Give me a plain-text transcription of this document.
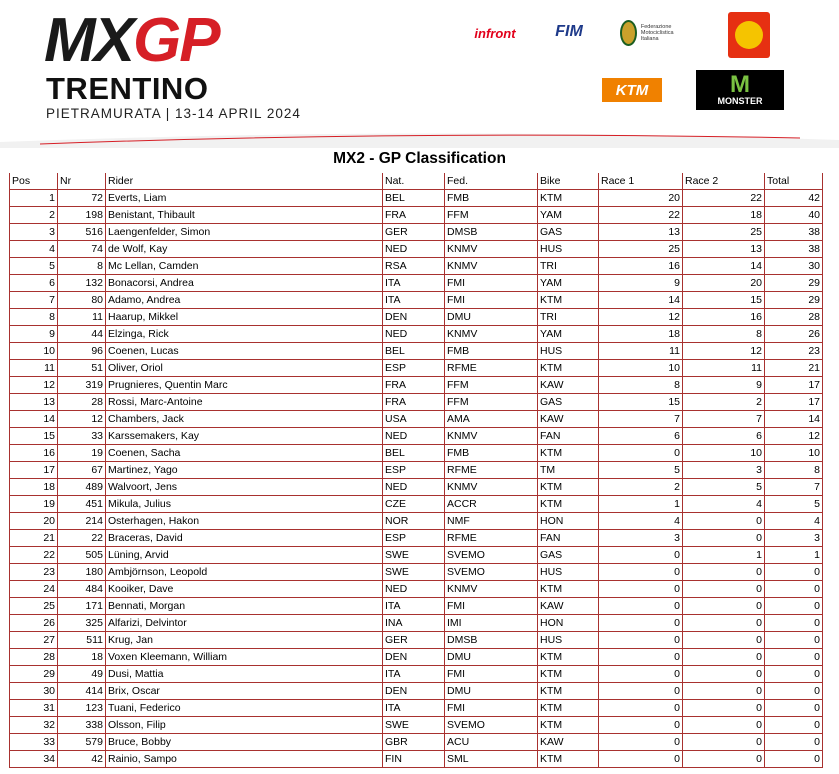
MXGP
TRENTINO
PIETRAMURATA | 13-14 APRIL 2024
infront	FIM	Federazione Motociclistica Italiana
KTM	M
MONSTER
MX2 - GP Classification
Pos	Nr	Rider	Nat.	Fed.	Bike	Race 1	Race 2	Total
1	72	Everts, Liam	BEL	FMB	KTM	20	22	42
2	198	Benistant, Thibault	FRA	FFM	YAM	22	18	40
3	516	Laengenfelder, Simon	GER	DMSB	GAS	13	25	38
4	74	de Wolf, Kay	NED	KNMV	HUS	25	13	38
5	8	Mc Lellan, Camden	RSA	KNMV	TRI	16	14	30
6	132	Bonacorsi, Andrea	ITA	FMI	YAM	9	20	29
7	80	Adamo, Andrea	ITA	FMI	KTM	14	15	29
8	11	Haarup, Mikkel	DEN	DMU	TRI	12	16	28
9	44	Elzinga, Rick	NED	KNMV	YAM	18	8	26
10	96	Coenen, Lucas	BEL	FMB	HUS	11	12	23
11	51	Oliver, Oriol	ESP	RFME	KTM	10	11	21
12	319	Prugnieres, Quentin Marc	FRA	FFM	KAW	8	9	17
13	28	Rossi, Marc-Antoine	FRA	FFM	GAS	15	2	17
14	12	Chambers, Jack	USA	AMA	KAW	7	7	14
15	33	Karssemakers, Kay	NED	KNMV	FAN	6	6	12
16	19	Coenen, Sacha	BEL	FMB	KTM	0	10	10
17	67	Martinez, Yago	ESP	RFME	TM	5	3	8
18	489	Walvoort, Jens	NED	KNMV	KTM	2	5	7
19	451	Mikula, Julius	CZE	ACCR	KTM	1	4	5
20	214	Osterhagen, Hakon	NOR	NMF	HON	4	0	4
21	22	Braceras, David	ESP	RFME	FAN	3	0	3
22	505	Lüning, Arvid	SWE	SVEMO	GAS	0	1	1
23	180	Ambjörnson, Leopold	SWE	SVEMO	HUS	0	0	0
24	484	Kooiker, Dave	NED	KNMV	KTM	0	0	0
25	171	Bennati, Morgan	ITA	FMI	KAW	0	0	0
26	325	Alfarizi, Delvintor	INA	IMI	HON	0	0	0
27	511	Krug, Jan	GER	DMSB	HUS	0	0	0
28	18	Voxen Kleemann, William	DEN	DMU	KTM	0	0	0
29	49	Dusi, Mattia	ITA	FMI	KTM	0	0	0
30	414	Brix, Oscar	DEN	DMU	KTM	0	0	0
31	123	Tuani, Federico	ITA	FMI	KTM	0	0	0
32	338	Olsson, Filip	SWE	SVEMO	KTM	0	0	0
33	579	Bruce, Bobby	GBR	ACU	KAW	0	0	0
34	42	Rainio, Sampo	FIN	SML	KTM	0	0	0
